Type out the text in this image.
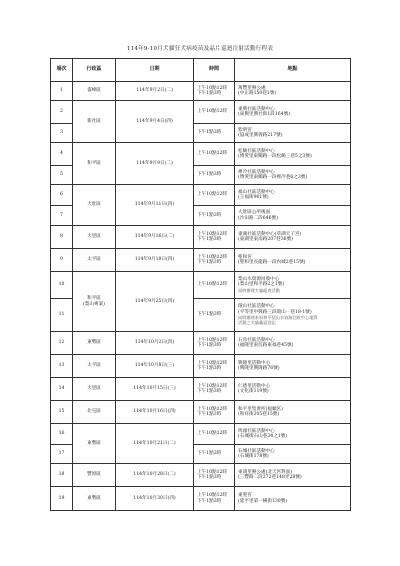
114年9-10月犬貓狂犬病疫苗及晶片巡迴注射活動行程表
場次	行政區	日期	時間	地點
1	霧峰區	114年9月2日(二)	上午10點12時
下午1點3時	萬豐里辦公處
(中正路150巷1號)

2	新社區	114年9月4日(四)	上午10點12時	東興社區活動中心
(東興里興社街1段164號)

3			下午1點3時	紫明宮
(協成里興義路217號)

4	和平區	114年9月9日(二)	上午10點12時	松鶴社區活動中心
(博愛里東關路一段松鶴三巷5之3號)

5			下午1點3時	裡冷社區活動中心
(博愛里東關路一段裡冷巷6之3號)

6	大肚區	114年9月11日(四)	上午10點12時	福山社區活動中心
(王福街961號)

7			下午1點3時	大肚區公所後面
(沙田路二段646號)

8	大里區	114年9月16日(二)	上午10點12時
下午1點3時	東湖社區活動中心(草湖天子宮)
(東湖里東南路207巷36號)

9	太平區	114年9月18日(四)	上午10點12時
下午1點3時	聖和宮
(聖和里長龍路一段內城2巷15號)

10	和平區
(梨山專案)	114年9月25日(四)	上午10點12時	梨山水資源回收中心
(梨山里和平路2之1號)
同時辦理犬貓絕育活動

11			下午1點3時	環山社區活動中心
(平等里中興路三段環山一巷18-1號)
同時辦理本府和平梨山水資源回收中心地質
活動之犬貓戴返登記

12	東勢區	114年10月2日(四)	上午10點12時
下午1點3時	石角社區活動中心
(福隆里東坑路東福巷45號)

13	太平區	114年10月8日(三)	上午10點12時
下午1點3時	興隆里活動中心
(興隆里興隆路76號)

14	大里區	114年10月15日(三)	上午10點12時
下午1點3時	仁德里活動中心
(文化街119號)

15	北屯區	114年10月16日(四)	上午10點12時
下午1點3時	和平里集會所(福順宮)
(和祥街205巷15號)

16	東勢區	114年10月21日(二)	上午10點12時	埤頭社區活動中心
(石城街石山巷34之1號)

17			下午1點3時	石城社區活動中心
(石城街178號)

18	豐原區	114年10月28日(二)	上午10點12時
下午1點3時	東湳里辦公處(北天宮對面)
(三豐路二段272巷148弄28號)

19	東勢區	114年10月30日(四)	上午10點12時
下午1點3時	東聖宮
(延平里第一橫街130號)
